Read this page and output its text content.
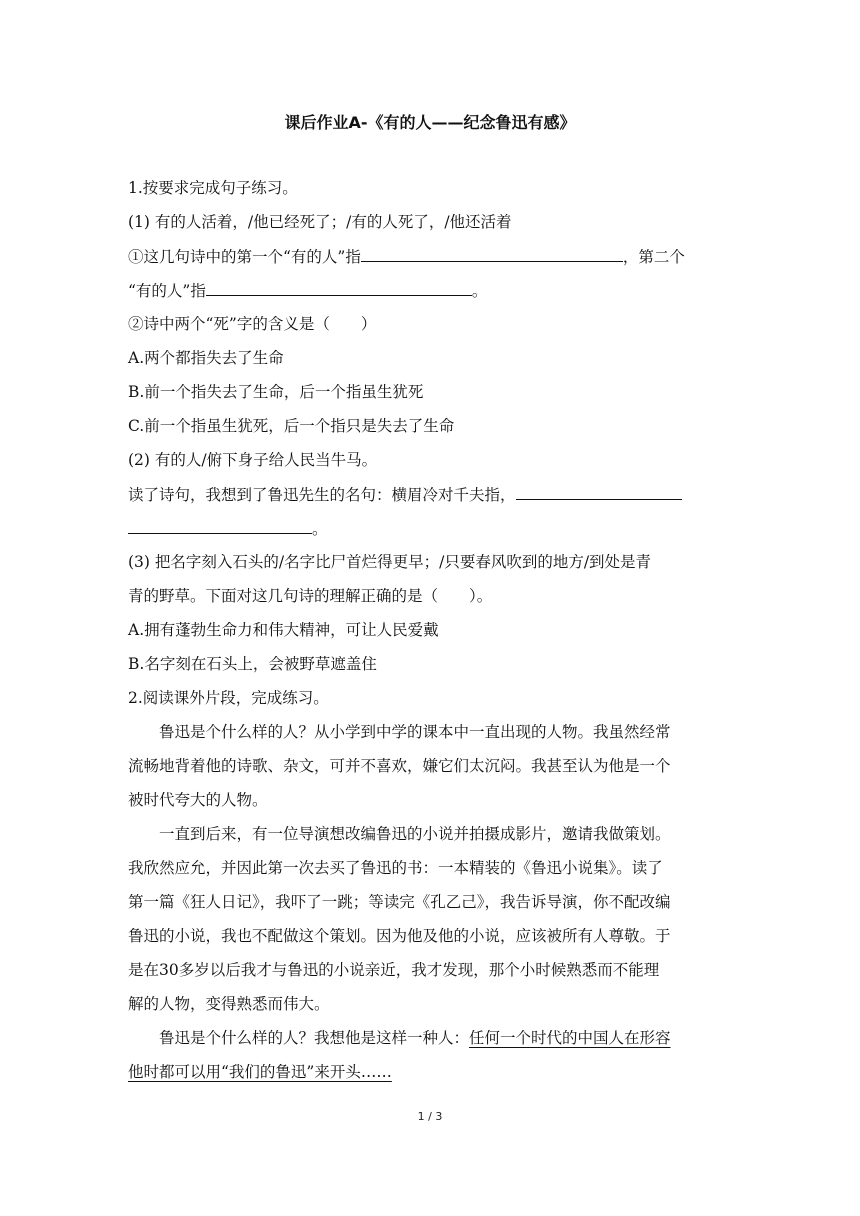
课后作业A-《有的人——纪念鲁迅有感》
1.按要求完成句子练习。
(1) 有的人活着，/他已经死了；/有的人死了，/他还活着
①这几句诗中的第一个“有的人”指	，第二个
“有的人”指	。
②诗中两个“死”字的含义是（　　）
A.两个都指失去了生命
B.前一个指失去了生命，后一个指虽生犹死
C.前一个指虽生犹死，后一个指只是失去了生命
(2) 有的人/俯下身子给人民当牛马。
读了诗句，我想到了鲁迅先生的名句：横眉冷对千夫指，
。
(3) 把名字刻入石头的/名字比尸首烂得更早；/只要春风吹到的地方/到处是青
青的野草。下面对这几句诗的理解正确的是（　　）。
A.拥有蓬勃生命力和伟大精神，可让人民爱戴
B.名字刻在石头上，会被野草遮盖住
2.阅读课外片段，完成练习。
鲁迅是个什么样的人？从小学到中学的课本中一直出现的人物。我虽然经常
流畅地背着他的诗歌、杂文，可并不喜欢，嫌它们太沉闷。我甚至认为他是一个
被时代夸大的人物。
一直到后来，有一位导演想改编鲁迅的小说并拍摄成影片，邀请我做策划。
我欣然应允，并因此第一次去买了鲁迅的书：一本精装的《鲁迅小说集》。读了
第一篇《狂人日记》，我吓了一跳；等读完《孔乙己》，我告诉导演，你不配改编
鲁迅的小说，我也不配做这个策划。因为他及他的小说，应该被所有人尊敬。于
是在30多岁以后我才与鲁迅的小说亲近，我才发现，那个小时候熟悉而不能理
解的人物，变得熟悉而伟大。
鲁迅是个什么样的人？我想他是这样一种人：任何一个时代的中国人在形容
他时都可以用“我们的鲁迅”来开头……
1 / 3
